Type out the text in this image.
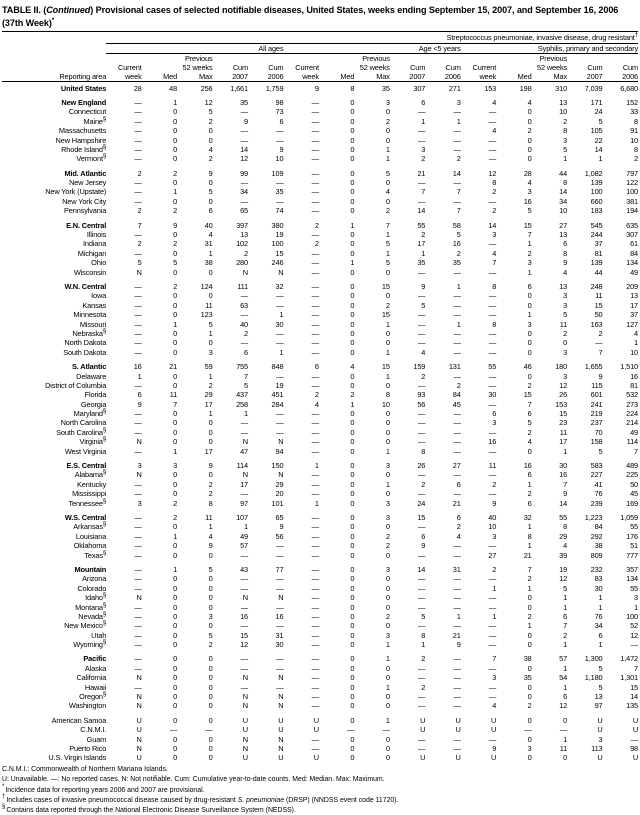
TABLE II. (Continued) Provisional cases of selected notifiable diseases, United States, weeks ending September 15, 2007, and September 16, 2006 (37th Week)*

	Streptococcus pneumoniae, invasive disease, drug resistant†
	All ages					Age <5 years					Syphilis, primary and secondary				
		Previous					Previous					Previous			
	Current	52 weeks		Cum	Cum	Current	52 weeks		Cum	Cum	Current	52 weeks		Cum	Cum
Reporting area	week	Med	Max	2007	2006	week	Med	Max	2007	2006	week	Med	Max	2007	2006

United States	28	48	256	1,661	1,759	9	8	35	307	271	153	198	310	7,039	6,680

New England	—	1	12	35	98	—	0	3	6	3	4	4	13	171	152
Connecticut	—	0	5	—	73	—	0	0	—	—	—	0	10	24	33
Maine§	—	0	2	9	6	—	0	2	1	1	—	0	2	5	8
Massachusetts	—	0	0	—	—	—	0	0	—	—	4	2	8	105	91
New Hampshire	—	0	0	—	—	—	0	0	—	—	—	0	3	22	10
Rhode Island§	—	0	4	14	9	—	0	1	3	—	—	0	5	14	8
Vermont§	—	0	2	12	10	—	0	1	2	2	—	0	1	1	2

Mid. Atlantic	2	2	9	99	109	—	0	5	21	14	12	28	44	1,082	797
New Jersey	—	0	0	—	—	—	0	0	—	—	8	4	8	139	122
New York (Upstate)	—	1	5	34	35	—	0	4	7	7	2	3	14	100	100
New York City	—	0	0	—	—	—	0	0	—	—	—	16	34	660	381
Pennsylvania	2	2	6	65	74	—	0	2	14	7	2	5	10	183	194

E.N. Central	7	9	40	397	380	2	1	7	55	58	14	15	27	545	635
Illinois	—	0	4	13	19	—	0	1	2	5	3	7	13	244	307
Indiana	2	2	31	102	100	2	0	5	17	16	—	1	6	37	61
Michigan	—	0	1	2	15	—	0	1	1	2	4	2	8	81	84
Ohio	5	5	38	280	246	—	1	5	35	35	7	3	9	139	134
Wisconsin	N	0	0	N	N	—	0	0	—	—	—	1	4	44	49

W.N. Central	—	2	124	111	32	—	0	15	9	1	8	6	13	248	209
Iowa	—	0	0	—	—	—	0	0	—	—	—	0	3	11	13
Kansas	—	0	11	63	—	—	0	2	5	—	—	0	3	15	17
Minnesota	—	0	123	—	1	—	0	15	—	—	—	1	5	50	37
Missouri	—	1	5	40	30	—	0	1	—	1	8	3	11	163	127
Nebraska§	—	0	1	2	—	—	0	0	—	—	—	0	2	2	4
North Dakota	—	0	0	—	—	—	0	0	—	—	—	0	0	—	1
South Dakota	—	0	3	6	1	—	0	1	4	—	—	0	3	7	10

S. Atlantic	16	21	59	755	848	6	4	15	159	131	55	46	180	1,655	1,510
Delaware	1	0	1	7	—	—	0	1	2	—	—	0	3	9	16
District of Columbia	—	0	2	5	19	—	0	0	—	2	—	2	12	115	81
Florida	6	11	29	437	451	2	2	8	93	84	30	15	26	601	532
Georgia	9	7	17	258	284	4	1	10	56	45	—	7	153	241	273
Maryland§	—	0	1	1	—	—	0	0	—	—	6	6	15	219	224
North Carolina	—	0	0	—	—	—	0	0	—	—	3	5	23	237	214
South Carolina§	—	0	0	—	—	—	0	0	—	—	—	2	11	70	49
Virginia§	N	0	0	N	N	—	0	0	—	—	16	4	17	158	114
West Virginia	—	1	17	47	94	—	0	1	8	—	—	0	1	5	7

E.S. Central	3	3	9	114	150	1	0	3	26	27	11	16	30	583	489
Alabama§	N	0	0	N	N	—	0	0	—	—	—	6	16	227	225
Kentucky	—	0	2	17	29	—	0	1	2	6	2	1	7	41	50
Mississippi	—	0	2	—	20	—	0	0	—	—	—	2	9	76	45
Tennessee§	3	2	8	97	101	1	0	3	24	21	9	6	14	239	169

W.S. Central	—	2	11	107	65	—	0	3	15	6	40	32	55	1,223	1,059
Arkansas§	—	0	1	1	9	—	0	0	—	2	10	1	8	84	55
Louisiana	—	1	4	49	56	—	0	2	6	4	3	8	29	292	176
Oklahoma	—	0	9	57	—	—	0	2	9	—	—	1	4	38	51
Texas§	—	0	0	—	—	—	0	0	—	—	27	21	39	809	777

Mountain	—	1	5	43	77	—	0	3	14	31	2	7	19	232	357
Arizona	—	0	0	—	—	—	0	0	—	—	—	2	12	83	134
Colorado	—	0	0	—	—	—	0	0	—	—	1	1	5	30	55
Idaho§	N	0	0	N	N	—	0	0	—	—	—	0	1	1	3
Montana§	—	0	0	—	—	—	0	0	—	—	—	0	1	1	1
Nevada§	—	0	3	16	16	—	0	2	5	1	1	2	6	76	100
New Mexico§	—	0	0	—	—	—	0	0	—	—	—	1	7	34	52
Utah	—	0	5	15	31	—	0	3	8	21	—	0	2	6	12
Wyoming§	—	0	2	12	30	—	0	1	1	9	—	0	1	1	—

Pacific	—	0	0	—	—	—	0	1	2	—	7	38	57	1,300	1,472
Alaska	—	0	0	—	—	—	0	0	—	—	—	0	1	5	7
California	N	0	0	N	N	—	0	0	—	—	3	35	54	1,180	1,301
Hawaii	—	0	0	—	—	—	0	1	2	—	—	0	1	5	15
Oregon§	N	0	0	N	N	—	0	0	—	—	—	0	6	13	14
Washington	N	0	0	N	N	—	0	0	—	—	4	2	12	97	135

American Samoa	U	0	0	U	U	U	0	1	U	U	U	0	0	U	U
C.N.M.I.	U	—	—	U	U	U	—	—	U	U	U	—	—	U	U
Guam	N	0	0	N	N	—	0	0	—	—	—	0	1	3	—
Puerto Rico	N	0	0	N	N	—	0	0	—	—	9	3	11	113	98
U.S. Virgin Islands	U	0	0	U	U	U	0	0	U	U	U	0	0	U	U
C.N.M.I.: Commonwealth of Northern Mariana Islands.
U: Unavailable. —: No reported cases. N: Not notifiable. Cum: Cumulative year-to-date counts. Med: Median. Max: Maximum.
*Incidence data for reporting years 2006 and 2007 are provisional.
†Includes cases of invasive pneumococcal disease caused by drug-resistant S. pneumoniae (DRSP) (NNDSS event code 11720).
§Contains data reported through the National Electronic Disease Surveillance System (NEDSS).
